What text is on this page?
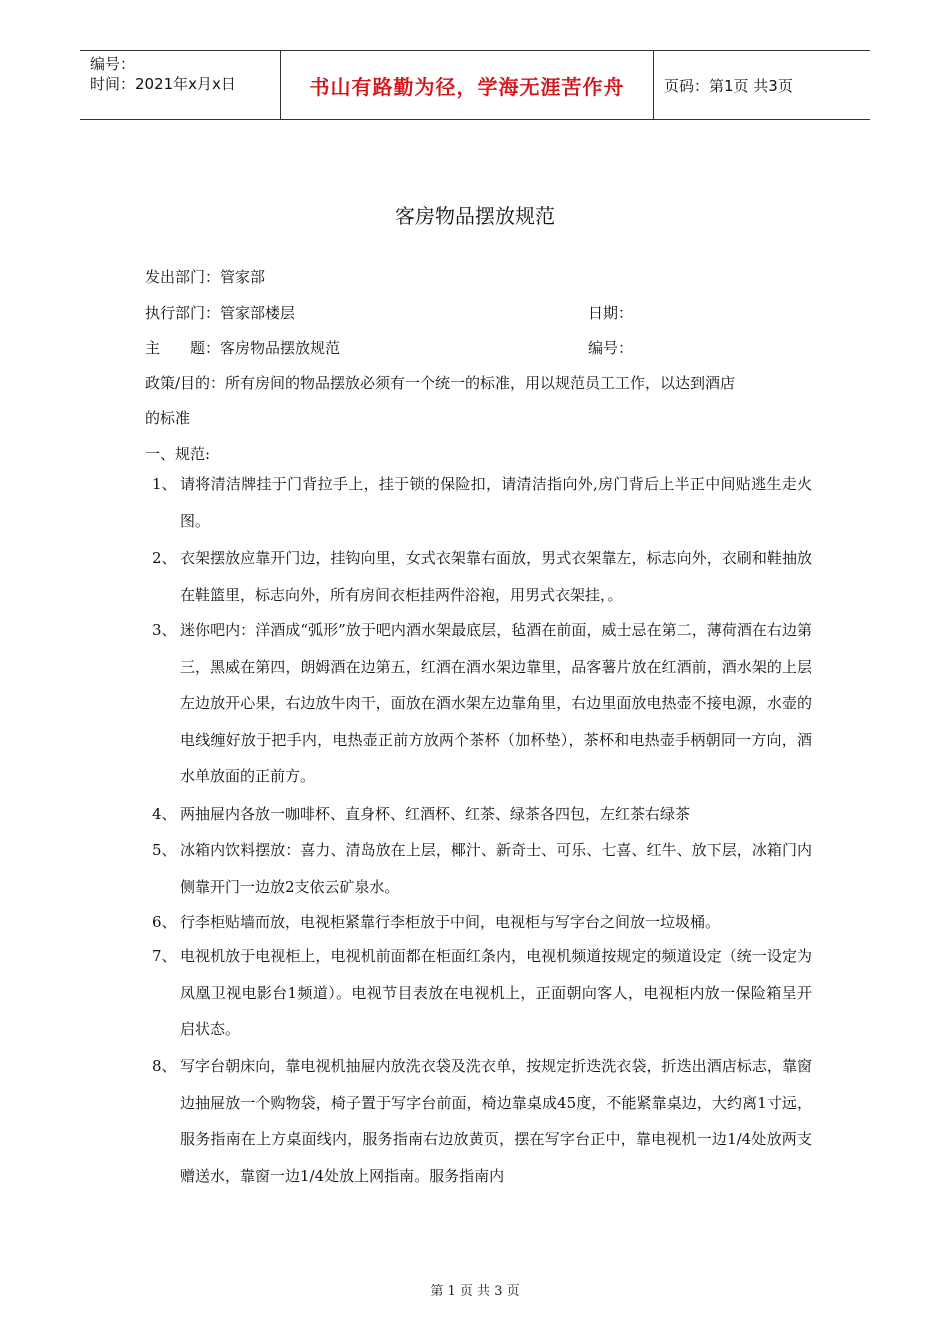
编号：
时间：2021年x月x日	书山有路勤为径，学海无涯苦作舟	页码：第1页 共3页
客房物品摆放规范
发出部门：管家部
执行部门：管家部楼层	日期：
主　　题：客房物品摆放规范	编号：
政策/目的：所有房间的物品摆放必须有一个统一的标准，用以规范员工工作，以达到酒店
的标准
一、规范:
1、 请将清洁牌挂于门背拉手上，挂于锁的保险扣，请清洁指向外,房门背后上半正中间贴逃生走火图。
2、 衣架摆放应靠开门边，挂钩向里，女式衣架靠右面放，男式衣架靠左，标志向外，衣刷和鞋抽放在鞋篮里，标志向外，所有房间衣柜挂两件浴袍，用男式衣架挂，。
3、 迷你吧内：洋酒成“弧形”放于吧内酒水架最底层，毡酒在前面，威士忌在第二，薄荷酒在右边第三，黑威在第四，朗姆酒在边第五，红酒在酒水架边靠里，品客薯片放在红酒前，酒水架的上层左边放开心果，右边放牛肉干，面放在酒水架左边靠角里，右边里面放电热壶不接电源，水壶的电线缠好放于把手内，电热壶正前方放两个茶杯（加杯垫），茶杯和电热壶手柄朝同一方向，酒水单放面的正前方。
4、 两抽屉内各放一咖啡杯、直身杯、红酒杯、红茶、绿茶各四包，左红茶右绿茶
5、 冰箱内饮料摆放：喜力、清岛放在上层，椰汁、新奇士、可乐、七喜、红牛、放下层，冰箱门内侧靠开门一边放2支依云矿泉水。
6、 行李柜贴墙而放，电视柜紧靠行李柜放于中间，电视柜与写字台之间放一垃圾桶。
7、 电视机放于电视柜上，电视机前面都在柜面红条内，电视机频道按规定的频道设定（统一设定为凤凰卫视电影台1频道）。电视节目表放在电视机上，正面朝向客人，电视柜内放一保险箱呈开启状态。
8、 写字台朝床向，靠电视机抽屉内放洗衣袋及洗衣单，按规定折迭洗衣袋，折迭出酒店标志，靠窗边抽屉放一个购物袋，椅子置于写字台前面，椅边靠桌成45度，不能紧靠桌边，大约离1寸远，服务指南在上方桌面线内，服务指南右边放黄页，摆在写字台正中，靠电视机一边1/4处放两支赠送水，靠窗一边1/4处放上网指南。服务指南内
第 1 页 共 3 页
